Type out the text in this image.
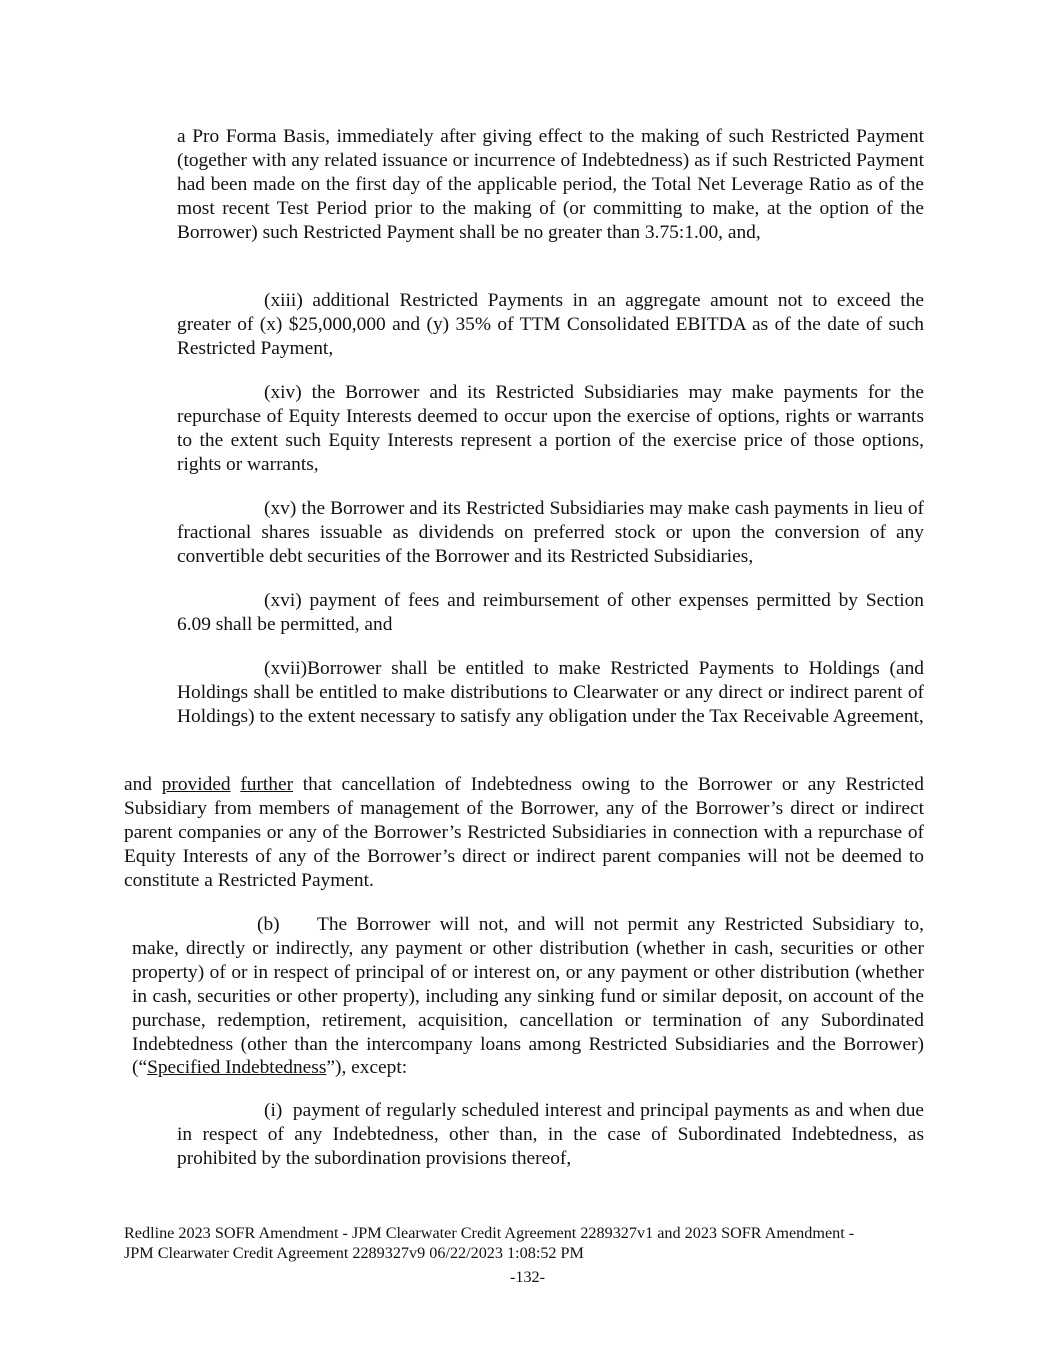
a Pro Forma Basis, immediately after giving effect to the making of such Restricted Payment (together with any related issuance or incurrence of Indebtedness) as if such Restricted Payment had been made on the first day of the applicable period, the Total Net Leverage Ratio as of the most recent Test Period prior to the making of (or committing to make, at the option of the Borrower) such Restricted Payment shall be no greater than 3.75:1.00, and,

(xiii) additional Restricted Payments in an aggregate amount not to exceed the greater of (x) $25,000,000 and (y) 35% of TTM Consolidated EBITDA as of the date of such Restricted Payment,

(xiv) the Borrower and its Restricted Subsidiaries may make payments for the repurchase of Equity Interests deemed to occur upon the exercise of options, rights or warrants to the extent such Equity Interests represent a portion of the exercise price of those options, rights or warrants,

(xv) the Borrower and its Restricted Subsidiaries may make cash payments in lieu of fractional shares issuable as dividends on preferred stock or upon the conversion of any convertible debt securities of the Borrower and its Restricted Subsidiaries,

(xvi) payment of fees and reimbursement of other expenses permitted by Section 6.09 shall be permitted, and

(xvii)Borrower shall be entitled to make Restricted Payments to Holdings (and Holdings shall be entitled to make distributions to Clearwater or any direct or indirect parent of Holdings) to the extent necessary to satisfy any obligation under the Tax Receivable Agreement,

and provided further that cancellation of Indebtedness owing to the Borrower or any Restricted Subsidiary from members of management of the Borrower, any of the Borrower’s direct or indirect parent companies or any of the Borrower’s Restricted Subsidiaries in connection with a repurchase of Equity Interests of any of the Borrower’s direct or indirect parent companies will not be deemed to constitute a Restricted Payment.

(b) The Borrower will not, and will not permit any Restricted Subsidiary to, make, directly or indirectly, any payment or other distribution (whether in cash, securities or other property) of or in respect of principal of or interest on, or any payment or other distribution (whether in cash, securities or other property), including any sinking fund or similar deposit, on account of the purchase, redemption, retirement, acquisition, cancellation or termination of any Subordinated Indebtedness (other than the intercompany loans among Restricted Subsidiaries and the Borrower) (“Specified Indebtedness”), except:

(i) payment of regularly scheduled interest and principal payments as and when due in respect of any Indebtedness, other than, in the case of Subordinated Indebtedness, as prohibited by the subordination provisions thereof,

Redline 2023 SOFR Amendment - JPM Clearwater Credit Agreement 2289327v1 and 2023 SOFR Amendment -
JPM Clearwater Credit Agreement 2289327v9 06/22/2023 1:08:52 PM
-132-
